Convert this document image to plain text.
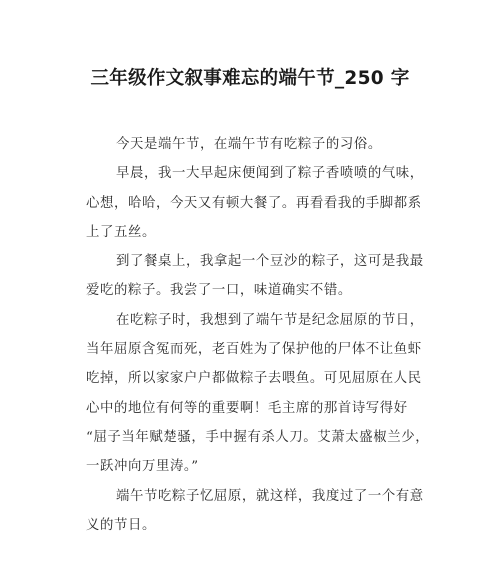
三年级作文叙事难忘的端午节_250 字
今天是端午节，在端午节有吃粽子的习俗。
早晨，我一大早起床便闻到了粽子香喷喷的气味，
心想，哈哈，今天又有顿大餐了。再看看我的手脚都系
上了五丝。
到了餐桌上，我拿起一个豆沙的粽子，这可是我最
爱吃的粽子。我尝了一口，味道确实不错。
在吃粽子时，我想到了端午节是纪念屈原的节日，
当年屈原含冤而死，老百姓为了保护他的尸体不让鱼虾
吃掉，所以家家户户都做粽子去喂鱼。可见屈原在人民
心中的地位有何等的重要啊！毛主席的那首诗写得好
“屈子当年赋楚骚，手中握有杀人刀。艾萧太盛椒兰少，
一跃冲向万里涛。”
端午节吃粽子忆屈原，就这样，我度过了一个有意
义的节日。
